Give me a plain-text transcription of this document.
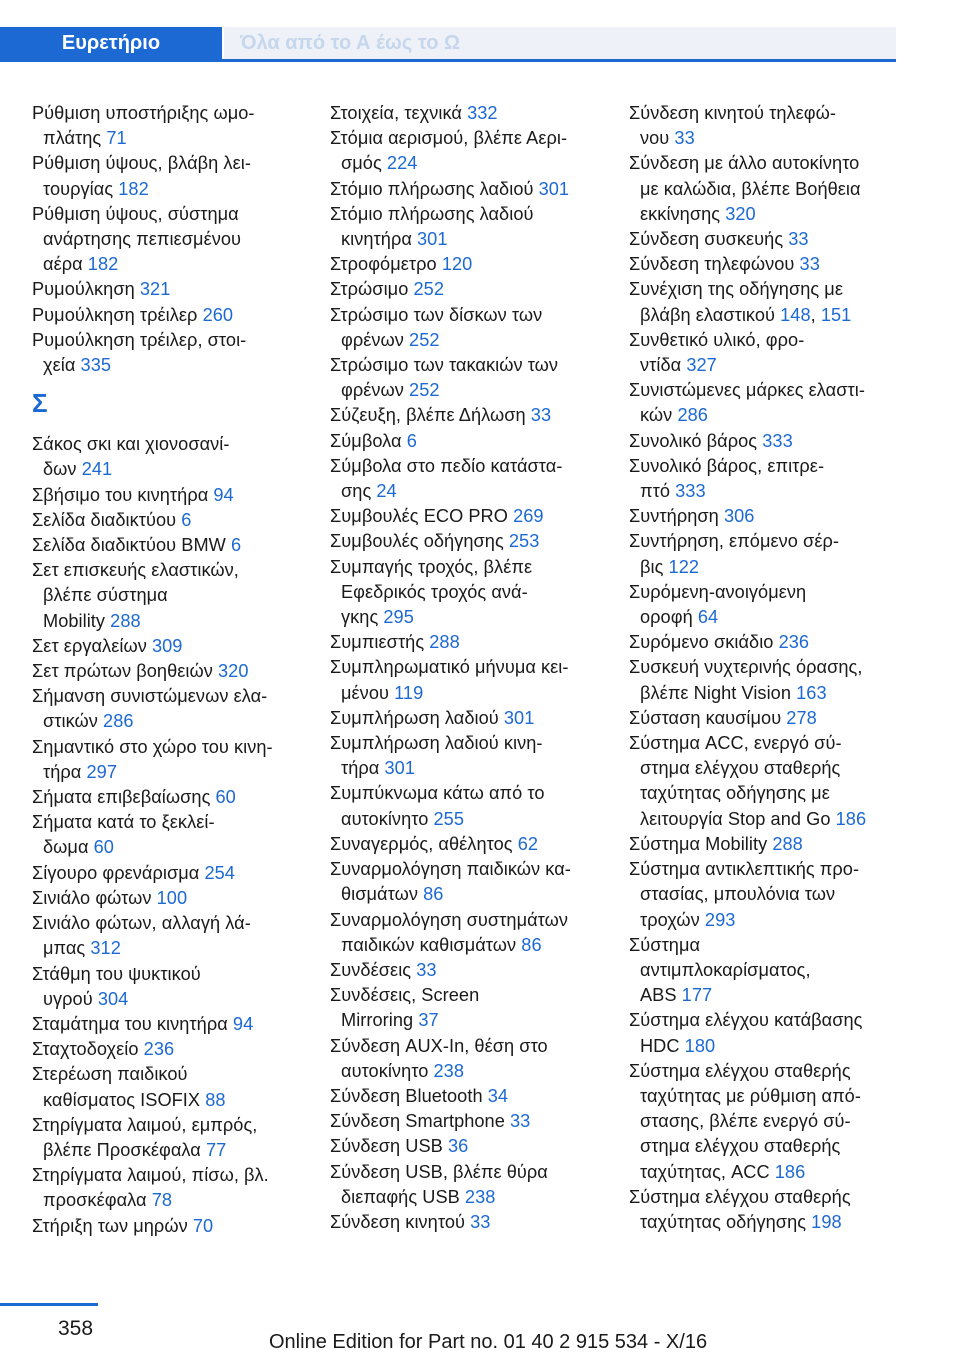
Ευρετήριο	Όλα από το Α έως το Ω
Ρύθμιση υποστήριξης ωμο-
πλάτης 71
Ρύθμιση ύψους, βλάβη λει-
τουργίας 182
Ρύθμιση ύψους, σύστημα
ανάρτησης πεπιεσμένου
αέρα 182
Ρυμούλκηση 321
Ρυμούλκηση τρέιλερ 260
Ρυμούλκηση τρέιλερ, στοι-
χεία 335
Σ
Σάκος σκι και χιονοσανί-
δων 241
Σβήσιμο του κινητήρα 94
Σελίδα διαδικτύου 6
Σελίδα διαδικτύου BMW 6
Σετ επισκευής ελαστικών,
βλέπε σύστημα
Mobility 288
Σετ εργαλείων 309
Σετ πρώτων βοηθειών 320
Σήμανση συνιστώμενων ελα-
στικών 286
Σημαντικό στο χώρο του κινη-
τήρα 297
Σήματα επιβεβαίωσης 60
Σήματα κατά το ξεκλεί-
δωμα 60
Σίγουρο φρενάρισμα 254
Σινιάλο φώτων 100
Σινιάλο φώτων, αλλαγή λά-
μπας 312
Στάθμη του ψυκτικού
υγρού 304
Σταμάτημα του κινητήρα 94
Σταχτοδοχείο 236
Στερέωση παιδικού
καθίσματος ISOFIX 88
Στηρίγματα λαιμού, εμπρός,
βλέπε Προσκέφαλα 77
Στηρίγματα λαιμού, πίσω, βλ.
προσκέφαλα 78
Στήριξη των μηρών 70
Στοιχεία, τεχνικά 332
Στόμια αερισμού, βλέπε Αερι-
σμός 224
Στόμιο πλήρωσης λαδιού 301
Στόμιο πλήρωσης λαδιού
κινητήρα 301
Στροφόμετρο 120
Στρώσιμο 252
Στρώσιμο των δίσκων των
φρένων 252
Στρώσιμο των τακακιών των
φρένων 252
Σύζευξη, βλέπε Δήλωση 33
Σύμβολα 6
Σύμβολα στο πεδίο κατάστα-
σης 24
Συμβουλές ECO PRO 269
Συμβουλές οδήγησης 253
Συμπαγής τροχός, βλέπε
Εφεδρικός τροχός ανά-
γκης 295
Συμπιεστής 288
Συμπληρωματικό μήνυμα κει-
μένου 119
Συμπλήρωση λαδιού 301
Συμπλήρωση λαδιού κινη-
τήρα 301
Συμπύκνωμα κάτω από το
αυτοκίνητο 255
Συναγερμός, αθέλητος 62
Συναρμολόγηση παιδικών κα-
θισμάτων 86
Συναρμολόγηση συστημάτων
παιδικών καθισμάτων 86
Συνδέσεις 33
Συνδέσεις, Screen
Mirroring 37
Σύνδεση AUX-In, θέση στο
αυτοκίνητο 238
Σύνδεση Bluetooth 34
Σύνδεση Smartphone 33
Σύνδεση USB 36
Σύνδεση USB, βλέπε θύρα
διεπαφής USB 238
Σύνδεση κινητού 33
Σύνδεση κινητού τηλεφώ-
νου 33
Σύνδεση με άλλο αυτοκίνητο
με καλώδια, βλέπε Βοήθεια
εκκίνησης 320
Σύνδεση συσκευής 33
Σύνδεση τηλεφώνου 33
Συνέχιση της οδήγησης με
βλάβη ελαστικού 148, 151
Συνθετικό υλικό, φρο-
ντίδα 327
Συνιστώμενες μάρκες ελαστι-
κών 286
Συνολικό βάρος 333
Συνολικό βάρος, επιτρε-
πτό 333
Συντήρηση 306
Συντήρηση, επόμενο σέρ-
βις 122
Συρόμενη-ανοιγόμενη
οροφή 64
Συρόμενο σκιάδιο 236
Συσκευή νυχτερινής όρασης,
βλέπε Night Vision 163
Σύσταση καυσίμου 278
Σύστημα ACC, ενεργό σύ-
στημα ελέγχου σταθερής
ταχύτητας οδήγησης με
λειτουργία Stop and Go 186
Σύστημα Mobility 288
Σύστημα αντικλεπτικής προ-
στασίας, μπουλόνια των
τροχών 293
Σύστημα
αντιμπλοκαρίσματος,
ABS 177
Σύστημα ελέγχου κατάβασης
HDC 180
Σύστημα ελέγχου σταθερής
ταχύτητας με ρύθμιση από-
στασης, βλέπε ενεργό σύ-
στημα ελέγχου σταθερής
ταχύτητας, ACC 186
Σύστημα ελέγχου σταθερής
ταχύτητας οδήγησης 198
358
Online Edition for Part no. 01 40 2 915 534 - X/16
